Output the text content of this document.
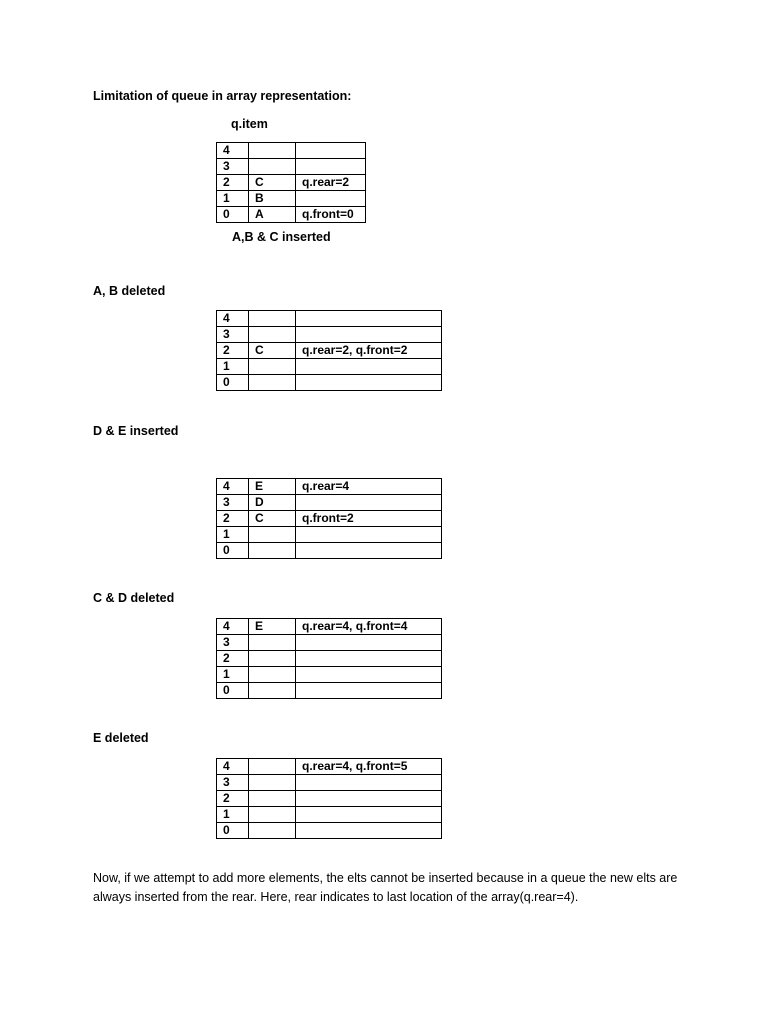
Limitation of queue in array representation:
q.item
4		
3		
2	C	q.rear=2
1	B	
0	A	q.front=0
A,B & C inserted
A, B deleted
4		
3		
2	C	q.rear=2, q.front=2
1		
0		
D & E inserted
4	E	q.rear=4
3	D	
2	C	q.front=2
1		
0		
C & D deleted
4	E	q.rear=4, q.front=4
3		
2		
1		
0		
E deleted
4		q.rear=4, q.front=5
3		
2		
1		
0		
Now, if we attempt to add more elements, the elts cannot be inserted because in a queue the new elts are always inserted from the rear. Here, rear indicates to last location of the array(q.rear=4).
